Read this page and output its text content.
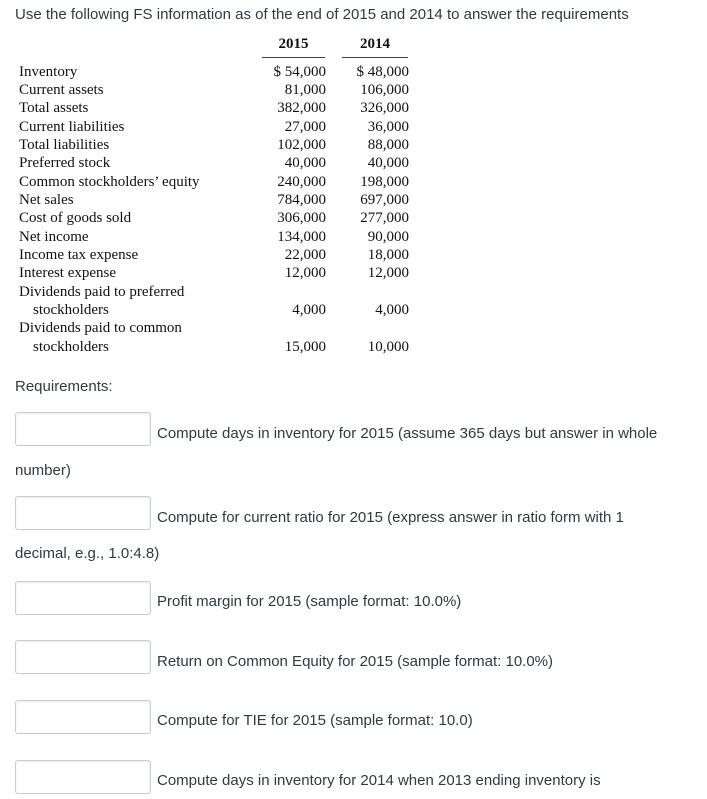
Use the following FS information as of the end of 2015 and 2014 to answer the requirements
2015	2014
Inventory	$ 54,000 $ 48,000
Current assets	81,000 106,000
Total assets	382,000 326,000
Current liabilities	27,000	36,000
Total liabilities	102,000	88,000
Preferred stock	40,000	40,000
Common stockholders’ equity	240,000 198,000
Net sales	784,000 697,000
Cost of goods sold	306,000 277,000
Net income	134,000	90,000
Income tax expense	22,000	18,000
Interest expense	12,000	12,000
Dividends paid to preferred
stockholders	4,000	4,000
Dividends paid to common
stockholders	15,000	10,000
Requirements:
Compute days in inventory for 2015 (assume 365 days but answer in whole
number)
Compute for current ratio for 2015 (express answer in ratio form with 1
decimal, e.g., 1.0:4.8)
Profit margin for 2015 (sample format: 10.0%)
Return on Common Equity for 2015 (sample format: 10.0%)
Compute for TIE for 2015 (sample format: 10.0)
Compute days in inventory for 2014 when 2013 ending inventory is
